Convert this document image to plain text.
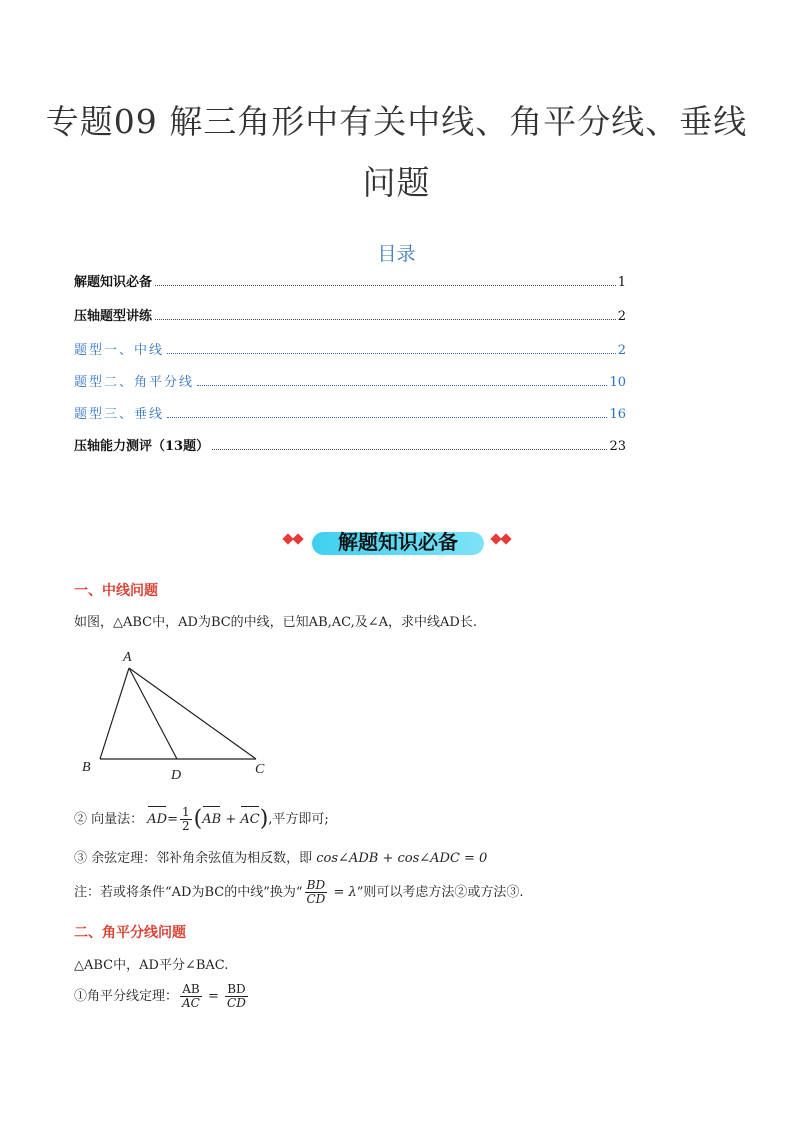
专题09 解三角形中有关中线、角平分线、垂线
问题
目录
解题知识必备	1
压轴题型讲练	2
题型一、中线	2
题型二、角平分线	10
题型三、垂线	16
压轴能力测评（13题）	23
解题知识必备
一、中线问题
如图，△ABC中，AD为BC的中线，已知AB,AC,及∠A，求中线AD长.
A
B	C
D
② 向量法： $AD= \frac{1}{2} (AB + AC)$,平方即可;
③ 余弦定理：邻补角余弦值为相反数，即 cos∠ADB + cos∠ADC = 0
注：若或将条件“AD为BC的中线”换为“ $\frac{BD}{CD} = \lambda$”则可以考虑方法②或方法③.
二、角平分线问题
△ABC中，AD平分∠BAC.
①角平分线定理： $\frac{AB}{AC} = \frac{BD}{CD}$
